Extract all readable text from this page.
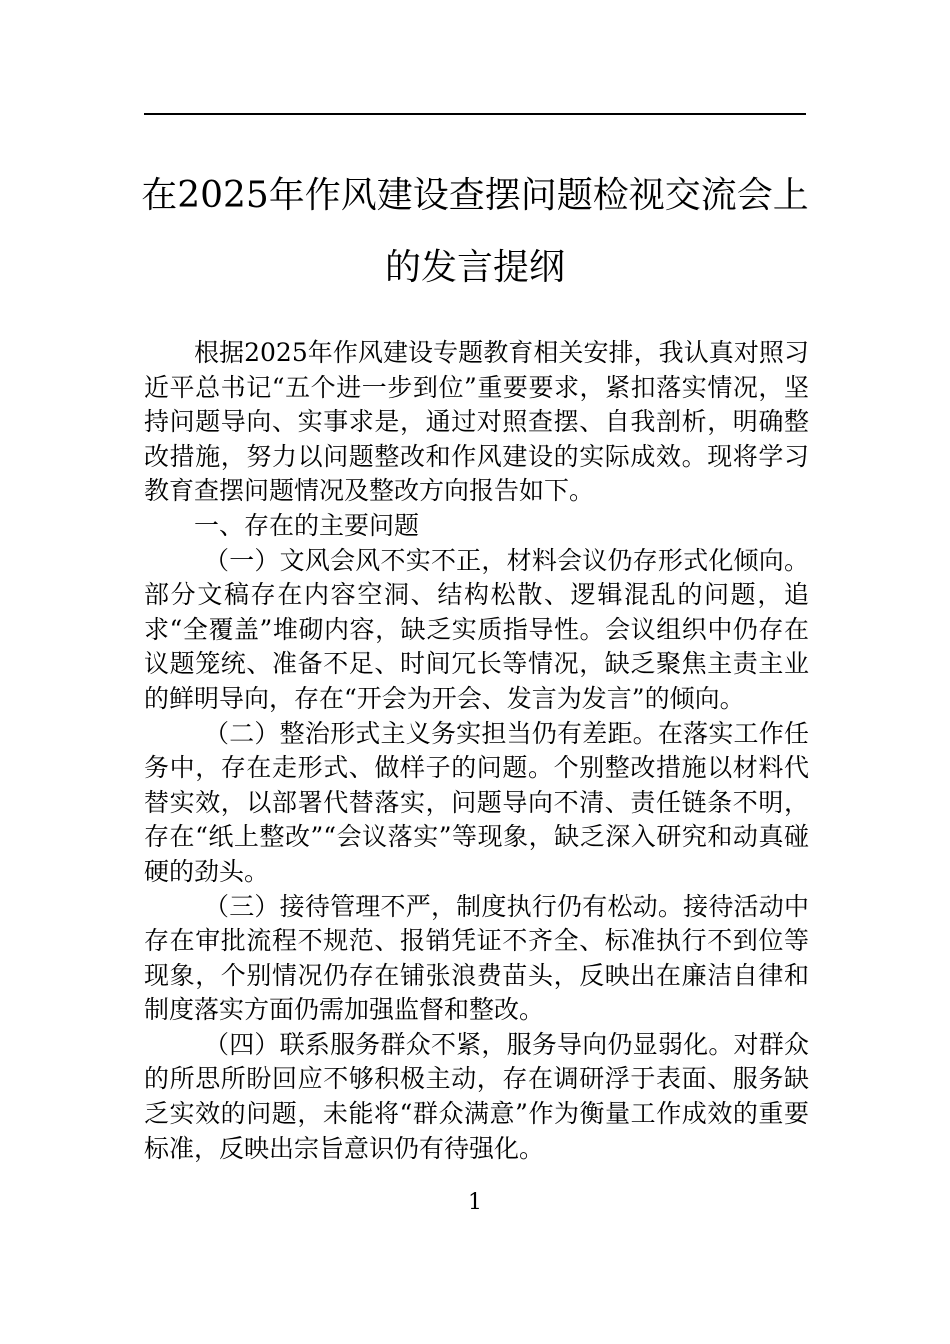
在2025年作风建设查摆问题检视交流会上
的发言提纲

根据2025年作风建设专题教育相关安排，我认真对照习近平总书记“五个进一步到位”重要要求，紧扣落实情况，坚持问题导向、实事求是，通过对照查摆、自我剖析，明确整改措施，努力以问题整改和作风建设的实际成效。现将学习教育查摆问题情况及整改方向报告如下。

一、存在的主要问题

（一）文风会风不实不正，材料会议仍存形式化倾向。部分文稿存在内容空洞、结构松散、逻辑混乱的问题，追求“全覆盖”堆砌内容，缺乏实质指导性。会议组织中仍存在议题笼统、准备不足、时间冗长等情况，缺乏聚焦主责主业的鲜明导向，存在“开会为开会、发言为发言”的倾向。

（二）整治形式主义务实担当仍有差距。在落实工作任务中，存在走形式、做样子的问题。个别整改措施以材料代替实效，以部署代替落实，问题导向不清、责任链条不明，存在“纸上整改”“会议落实”等现象，缺乏深入研究和动真碰硬的劲头。

（三）接待管理不严，制度执行仍有松动。接待活动中存在审批流程不规范、报销凭证不齐全、标准执行不到位等现象，个别情况仍存在铺张浪费苗头，反映出在廉洁自律和制度落实方面仍需加强监督和整改。

（四）联系服务群众不紧，服务导向仍显弱化。对群众的所思所盼回应不够积极主动，存在调研浮于表面、服务缺乏实效的问题，未能将“群众满意”作为衡量工作成效的重要标准，反映出宗旨意识仍有待强化。

1
